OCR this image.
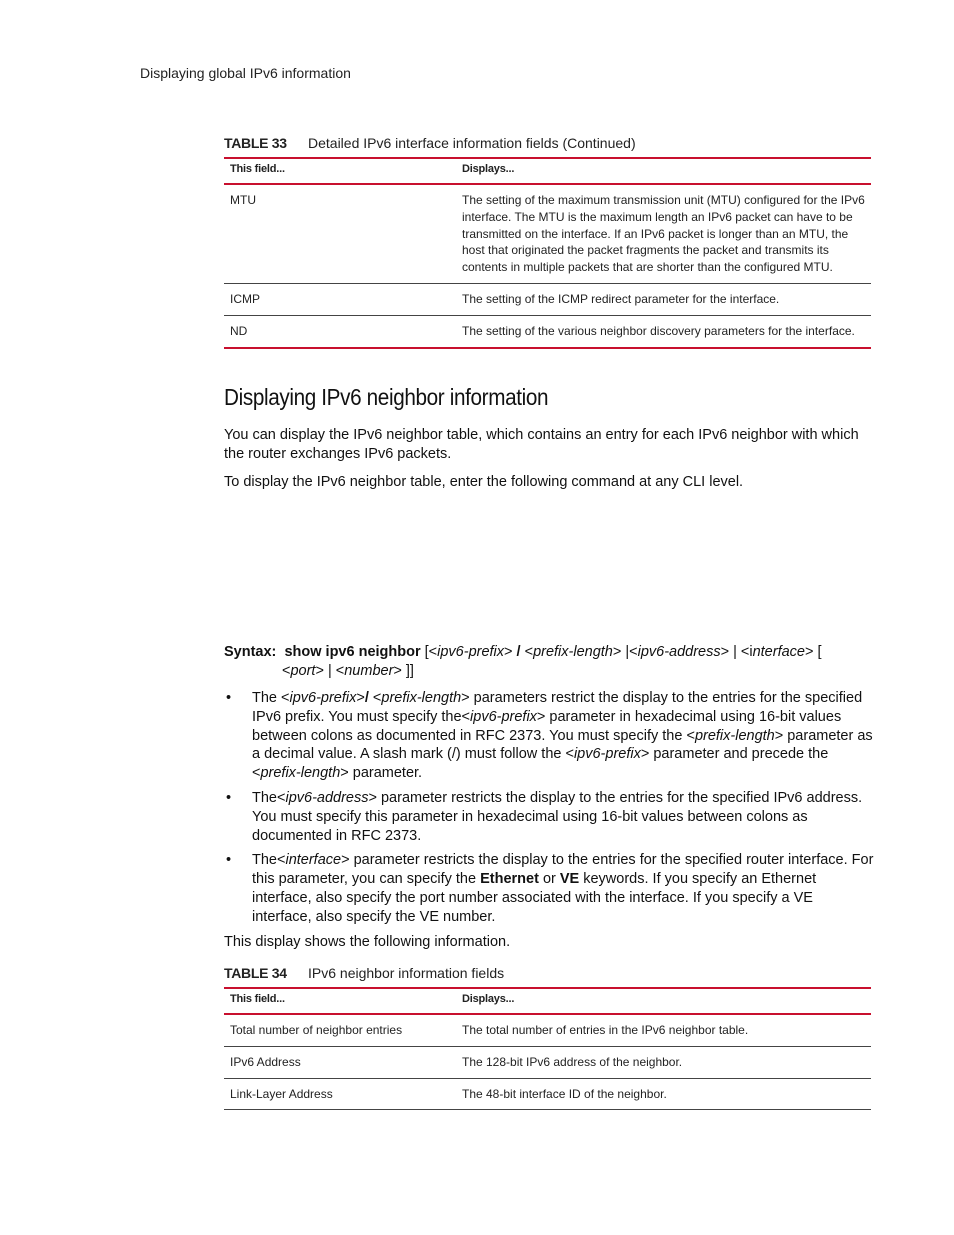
Displaying global IPv6 information
TABLE 33 Detailed IPv6 interface information fields (Continued)
This field...	Displays...
MTU	The setting of the maximum transmission unit (MTU) configured for the IPv6 interface. The MTU is the maximum length an IPv6 packet can have to be transmitted on the interface. If an IPv6 packet is longer than an MTU, the host that originated the packet fragments the packet and transmits its contents in multiple packets that are shorter than the configured MTU.
ICMP	The setting of the ICMP redirect parameter for the interface.
ND	The setting of the various neighbor discovery parameters for the interface.
Displaying IPv6 neighbor information

You can display the IPv6 neighbor table, which contains an entry for each IPv6 neighbor with which the router exchanges IPv6 packets.

To display the IPv6 neighbor table, enter the following command at any CLI level.

Syntax: show ipv6 neighbor [<ipv6-prefix> / <prefix-length> |<ipv6-address> | <interface> [
<port> | <number> ]]
• The <ipv6-prefix>/ <prefix-length> parameters restrict the display to the entries for the specified IPv6 prefix. You must specify the<ipv6-prefix> parameter in hexadecimal using 16-bit values between colons as documented in RFC 2373. You must specify the <prefix-length> parameter as a decimal value. A slash mark (/) must follow the <ipv6-prefix> parameter and precede the <prefix-length> parameter.
• The<ipv6-address> parameter restricts the display to the entries for the specified IPv6 address. You must specify this parameter in hexadecimal using 16-bit values between colons as documented in RFC 2373.
• The<interface> parameter restricts the display to the entries for the specified router interface. For this parameter, you can specify the Ethernet or VE keywords. If you specify an Ethernet interface, also specify the port number associated with the interface. If you specify a VE interface, also specify the VE number.

This display shows the following information.

TABLE 34 IPv6 neighbor information fields
This field...	Displays...
Total number of neighbor entries	The total number of entries in the IPv6 neighbor table.
IPv6 Address	The 128-bit IPv6 address of the neighbor.
Link-Layer Address	The 48-bit interface ID of the neighbor.
